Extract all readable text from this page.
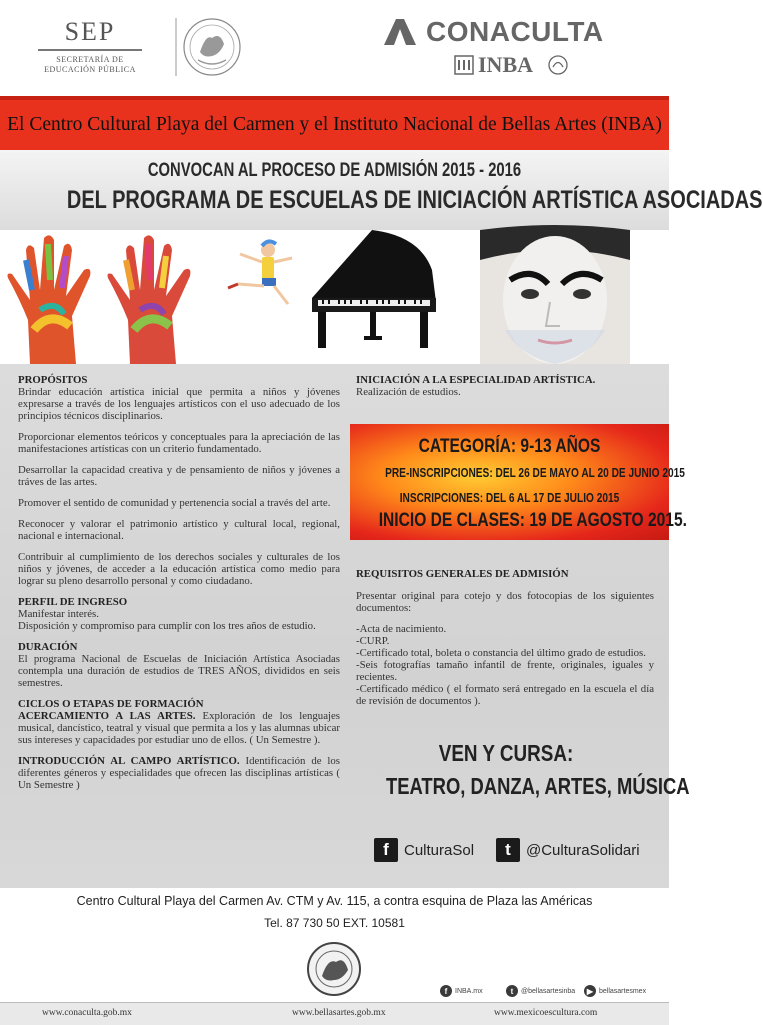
SEP
SECRETARÍA DE
EDUCACIÓN PÚBLICA
CONACULTA
INBA
El Centro Cultural Playa del Carmen y el Instituto Nacional de Bellas Artes (INBA)
CONVOCAN AL PROCESO DE ADMISIÓN 2015 - 2016
DEL PROGRAMA DE ESCUELAS DE INICIACIÓN ARTÍSTICA ASOCIADAS
PROPÓSITOS

Brindar educación artística inicial que permita a niños y jóvenes expresarse a través de los lenguajes artísticos con el uso adecuado de los principios técnicos disciplinarios.

Proporcionar elementos teóricos y conceptuales para la apreciación de las manifestaciones artísticas con un criterio fundamentado.

Desarrollar la capacidad creativa y de pensamiento de niños y jóvenes a tráves de las artes.

Promover el sentido de comunidad y pertenencia social a través del arte.

Reconocer y valorar el patrimonio artístico y cultural local, regional, nacional e internacional.

Contribuir al cumplimiento de los derechos sociales y culturales de los niños y jóvenes, de acceder a la educación artística como medio para lograr su pleno desarrollo personal y como ciudadano.

PERFIL DE INGRESO
Manifestar interés.

Disposición y compromiso para cumplir con los tres años de estudio.

DURACIÓN

El programa Nacional de Escuelas de Iniciación Artística Asociadas contempla una duración de estudios de TRES AÑOS, divididos en seis semestres.

CICLOS O ETAPAS DE FORMACIÓN

ACERCAMIENTO A LAS ARTES. Exploración de los lenguajes musical, dancístico, teatral y visual que permita a los y las alumnas ubicar sus intereses y capacidades por estudiar uno de ellos. ( Un Semestre ).

INTRODUCCIÓN AL CAMPO ARTÍSTICO. Identificación de los diferentes géneros y especialidades que ofrecen las disciplinas artísticas ( Un Semestre )

INICIACIÓN A LA ESPECIALIDAD ARTÍSTICA.
Realización de estudios.
CATEGORÍA: 9-13 AÑOS
PRE-INSCRIPCIONES: DEL 26 DE MAYO AL 20 DE JUNIO 2015
INSCRIPCIONES: DEL 6 AL 17 DE JULIO 2015
INICIO DE CLASES: 19 DE AGOSTO 2015.
REQUISITOS GENERALES DE ADMISIÓN

Presentar original para cotejo y dos fotocopias de los siguientes documentos:

-Acta de nacimiento.
-CURP.
-Certificado total, boleta o constancia del último grado de estudios.
-Seis fotografías tamaño infantil de frente, originales, iguales y recientes.
-Certificado médico ( el formato será entregado en la escuela el día de revisión de documentos ).
VEN Y CURSA:
TEATRO, DANZA, ARTES, MÚSICA
f	CulturaSol	t	@CulturaSolidari
Centro Cultural Playa del Carmen Av. CTM y Av. 115, a contra esquina de Plaza las Américas
Tel. 87 730 50 EXT. 10581
f	INBA.mx	t	@bellasartesinba	▶ bellasartesmex
www.conaculta.gob.mx	www.bellasartes.gob.mx	www.mexicoescultura.com
